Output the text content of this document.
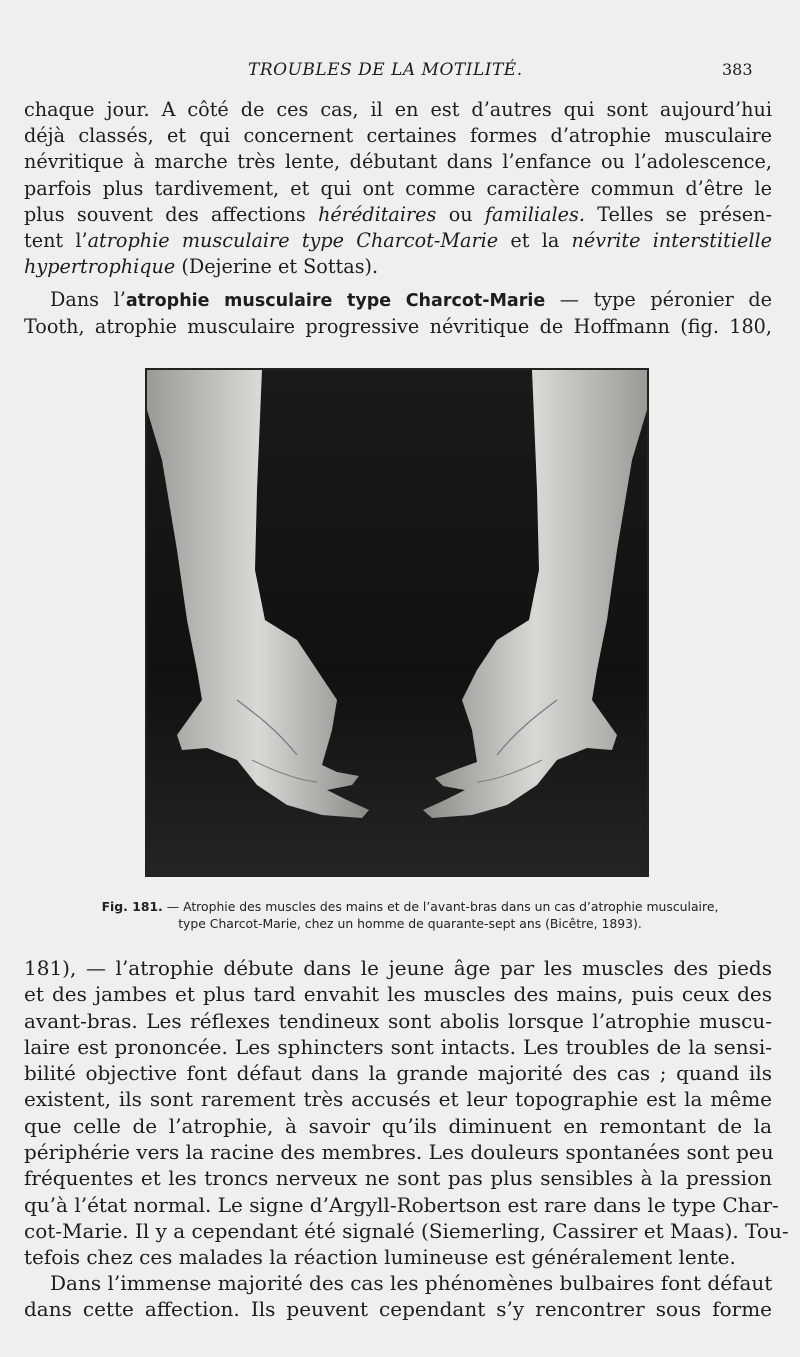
TROUBLES DE LA MOTILITÉ.	383

chaque jour. A côté de ces cas, il en est d’autres qui sont aujourd’hui
déjà classés, et qui concernent certaines formes d’atrophie musculaire
névritique à marche très lente, débutant dans l’enfance ou l’adolescence,
parfois plus tardivement, et qui ont comme caractère commun d’être le
plus souvent des affections héréditaires ou familiales. Telles se présen-
tent l’atrophie musculaire type Charcot-Marie et la névrite interstitielle
hypertrophique (Dejerine et Sottas).

Dans l’atrophie musculaire type Charcot-Marie — type péronier de
Tooth, atrophie musculaire progressive névritique de Hoffmann (fig. 180,

Fig. 181. — Atrophie des muscles des mains et de l’avant-bras dans un cas d’atrophie musculaire,
type Charcot-Marie, chez un homme de quarante-sept ans (Bicêtre, 1893).

181), — l’atrophie débute dans le jeune âge par les muscles des pieds
et des jambes et plus tard envahit les muscles des mains, puis ceux des
avant-bras. Les réflexes tendineux sont abolis lorsque l’atrophie muscu-
laire est prononcée. Les sphincters sont intacts. Les troubles de la sensi-
bilité objective font défaut dans la grande majorité des cas ; quand ils
existent, ils sont rarement très accusés et leur topographie est la même
que celle de l’atrophie, à savoir qu’ils diminuent en remontant de la
périphérie vers la racine des membres. Les douleurs spontanées sont peu
fréquentes et les troncs nerveux ne sont pas plus sensibles à la pression
qu’à l’état normal. Le signe d’Argyll-Robertson est rare dans le type Char-
cot-Marie. Il y a cependant été signalé (Siemerling, Cassirer et Maas). Tou-
tefois chez ces malades la réaction lumineuse est généralement lente.

Dans l’immense majorité des cas les phénomènes bulbaires font défaut
dans cette affection. Ils peuvent cependant s’y rencontrer sous forme
